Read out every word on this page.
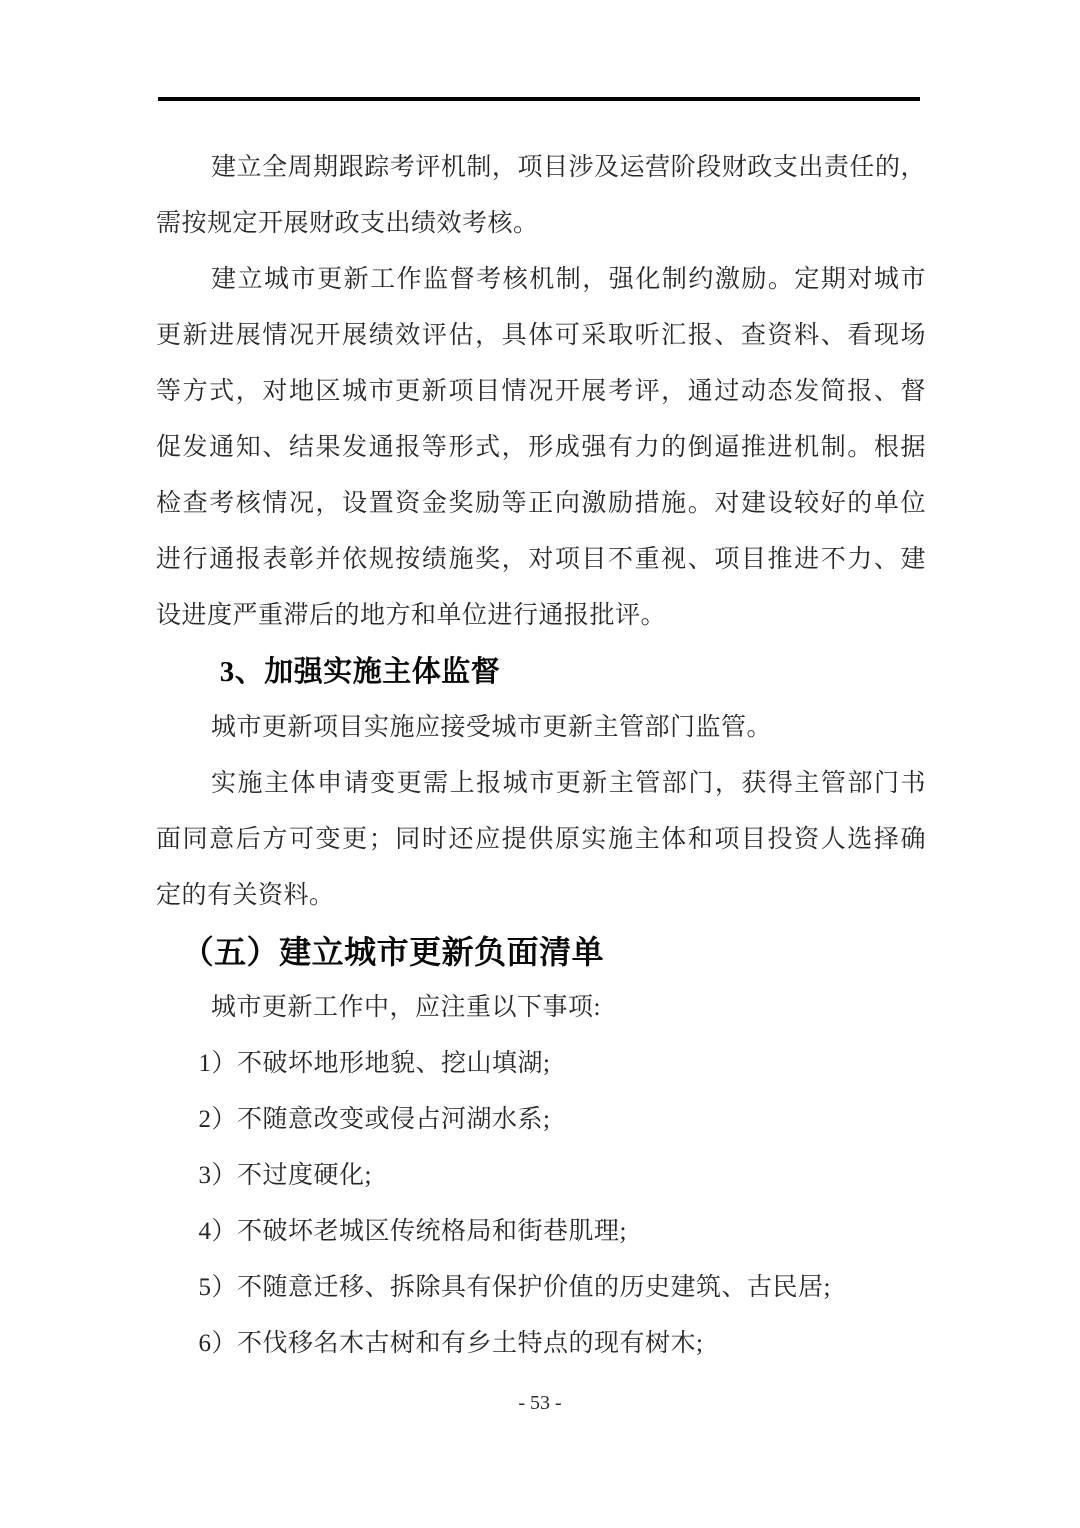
建立全周期跟踪考评机制，项目涉及运营阶段财政支出责任的，
需按规定开展财政支出绩效考核。
建立城市更新工作监督考核机制，强化制约激励。定期对城市
更新进展情况开展绩效评估，具体可采取听汇报、查资料、看现场
等方式，对地区城市更新项目情况开展考评，通过动态发简报、督
促发通知、结果发通报等形式，形成强有力的倒逼推进机制。根据
检查考核情况，设置资金奖励等正向激励措施。对建设较好的单位
进行通报表彰并依规按绩施奖，对项目不重视、项目推进不力、建
设进度严重滞后的地方和单位进行通报批评。
3、加强实施主体监督
城市更新项目实施应接受城市更新主管部门监管。
实施主体申请变更需上报城市更新主管部门，获得主管部门书
面同意后方可变更；同时还应提供原实施主体和项目投资人选择确
定的有关资料。
（五）建立城市更新负面清单
城市更新工作中，应注重以下事项:
1）不破坏地形地貌、挖山填湖;
2）不随意改变或侵占河湖水系;
3）不过度硬化;
4）不破坏老城区传统格局和街巷肌理;
5）不随意迁移、拆除具有保护价值的历史建筑、古民居;
6）不伐移名木古树和有乡土特点的现有树木;
- 53 -
